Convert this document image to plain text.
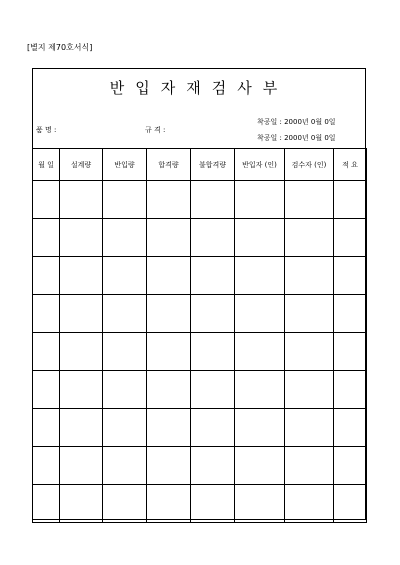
[별지 제70호서식]
반입자재검사부
품 명 :	규 격 :
착공일 : 2000년 0월 0일
착공일 : 2000년 0월 0일
월 일	설계량	반입량	합격량	불합격량	반입자 (인)	검수자 (인)	적 요
